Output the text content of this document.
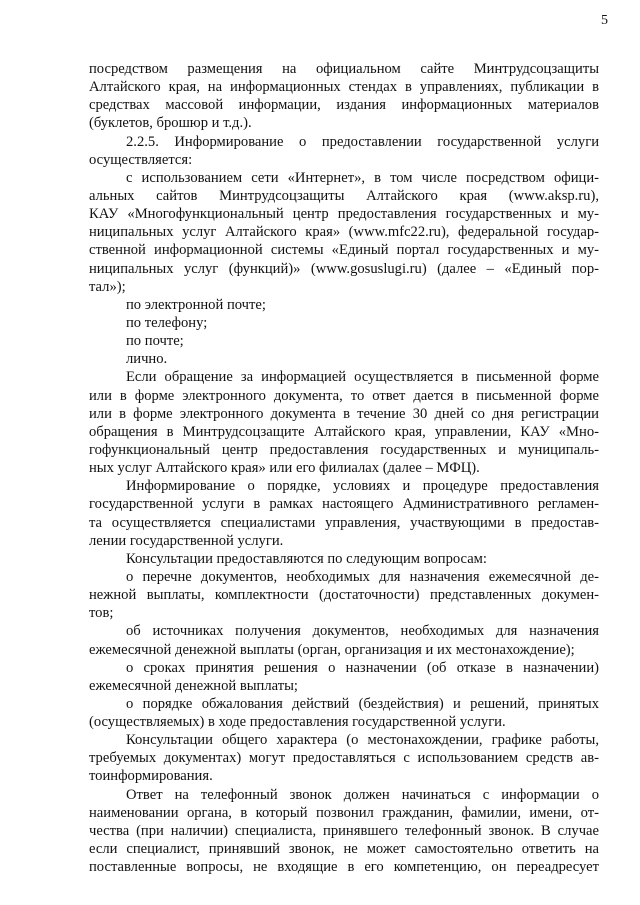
5
посредством размещения на официальном сайте Минтрудсоцзащиты
Алтайского края, на информационных стендах в управлениях, публикации в
средствах массовой информации, издания информационных материалов
(буклетов, брошюр и т.д.).
2.2.5. Информирование о предоставлении государственной услуги
осуществляется:
с использованием сети «Интернет», в том числе посредством офици-
альных сайтов Минтрудсоцзащиты Алтайского края (www.aksp.ru),
КАУ «Многофункциональный центр предоставления государственных и му-
ниципальных услуг Алтайского края» (www.mfc22.ru), федеральной государ-
ственной информационной системы «Единый портал государственных и му-
ниципальных услуг (функций)» (www.gosuslugi.ru) (далее – «Единый пор-
тал»);
по электронной почте;
по телефону;
по почте;
лично.
Если обращение за информацией осуществляется в письменной форме
или в форме электронного документа, то ответ дается в письменной форме
или в форме электронного документа в течение 30 дней со дня регистрации
обращения в Минтрудсоцзащите Алтайского края, управлении, КАУ «Мно-
гофункциональный центр предоставления государственных и муниципаль-
ных услуг Алтайского края» или его филиалах (далее – МФЦ).
Информирование о порядке, условиях и процедуре предоставления
государственной услуги в рамках настоящего Административного регламен-
та осуществляется специалистами управления, участвующими в предостав-
лении государственной услуги.
Консультации предоставляются по следующим вопросам:
о перечне документов, необходимых для назначения ежемесячной де-
нежной выплаты, комплектности (достаточности) представленных докумен-
тов;
об источниках получения документов, необходимых для назначения
ежемесячной денежной выплаты (орган, организация и их местонахождение);
о сроках принятия решения о назначении (об отказе в назначении)
ежемесячной денежной выплаты;
о порядке обжалования действий (бездействия) и решений, принятых
(осуществляемых) в ходе предоставления государственной услуги.
Консультации общего характера (о местонахождении, графике работы,
требуемых документах) могут предоставляться с использованием средств ав-
тоинформирования.
Ответ на телефонный звонок должен начинаться с информации о
наименовании органа, в который позвонил гражданин, фамилии, имени, от-
чества (при наличии) специалиста, принявшего телефонный звонок. В случае
если специалист, принявший звонок, не может самостоятельно ответить на
поставленные вопросы, не входящие в его компетенцию, он переадресует
